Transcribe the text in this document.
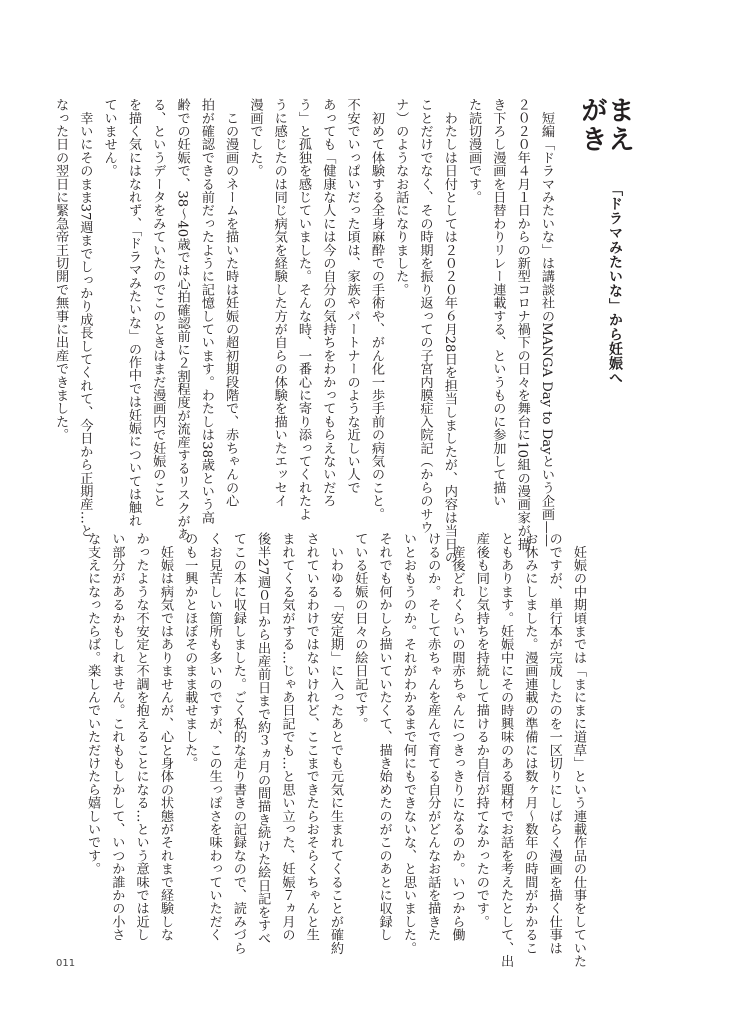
まえがき
「ドラマみたいな」から妊娠へ
　短編「ドラマみたいな」は講談社のMANGA Day to Dayという企画——
２０２０年４月１日からの新型コロナ禍下の日々を舞台に10組の漫画家が描
き下ろし漫画を日替わりリレー連載する、というものに参加して描い
た読切漫画です。
　わたしは日付としては２０２０年６月28日を担当しましたが、内容は当日の
ことだけでなく、その時期を振り返っての子宮内膜症入院記（からのサウ
ナ）のようなお話になりました。
　初めて体験する全身麻酔での手術や、がん化一歩手前の病気のこと。
不安でいっぱいだった頃は、家族やパートナーのような近しい人で
あっても「健康な人には今の自分の気持ちをわかってもらえないだろ
う」と孤独を感じていました。そんな時、一番心に寄り添ってくれたよ
うに感じたのは同じ病気を経験した方が自らの体験を描いたエッセイ
漫画でした。
　この漫画のネームを描いた時は妊娠の超初期段階で、赤ちゃんの心
拍が確認できる前だったように記憶しています。わたしは38歳という高
齢での妊娠で、38〜40歳では心拍確認前に２割程度が流産するリスクがあ
る、というデータをみていたのでこのときはまだ漫画内で妊娠のこと
を描く気にはなれず、「ドラマみたいな」の作中では妊娠については触れ
ていません。
　幸いにそのまま37週までしっかり成長してくれて、今日から正期産…と
なった日の翌日に緊急帝王切開で無事に出産できました。
　妊娠の中期頃までは「まにまに道草」という連載作品の仕事をしていた
のですが、単行本が完成したのを一区切りにしばらく漫画を描く仕事は
お休みにしました。漫画連載の準備には数ヶ月〜数年の時間がかかるこ
ともあります。妊娠中にその時興味のある題材でお話を考えたとして、出
産後も同じ気持ちを持続して描けるか自信が持てなかったのです。
　産後どれくらいの間赤ちゃんにつきっきりになるのか。いつから働
けるのか。そして赤ちゃんを産んで育てる自分がどんなお話を描きた
いとおもうのか。それがわかるまで何にもできないな、と思いました。
それでも何かしら描いていたくて、描き始めたのがこのあとに収録し
ている妊娠の日々の絵日記です。
　いわゆる「安定期」に入ったあとでも元気に生まれてくることが確約
されているわけではないけれど、ここまできたらおそらくちゃんと生
まれてくる気がする…じゃあ日記でも…と思い立った、妊娠７ヵ月の
後半27週０日から出産前日まで約３ヵ月の間描き続けた絵日記をすべ
てこの本に収録しました。ごく私的な走り書きの記録なので、読みづら
くお見苦しい箇所も多いのですが、この生っぽさを味わっていただく
のも一興かとほぼそのまま載せました。
　妊娠は病気ではありませんが、心と身体の状態がそれまで経験しな
かったような不安定と不調を抱えることになる…という意味では近し
い部分があるかもしれません。これももしかして、いつか誰かの小さ
な支えになったらば。楽しんでいただけたら嬉しいです。
011
